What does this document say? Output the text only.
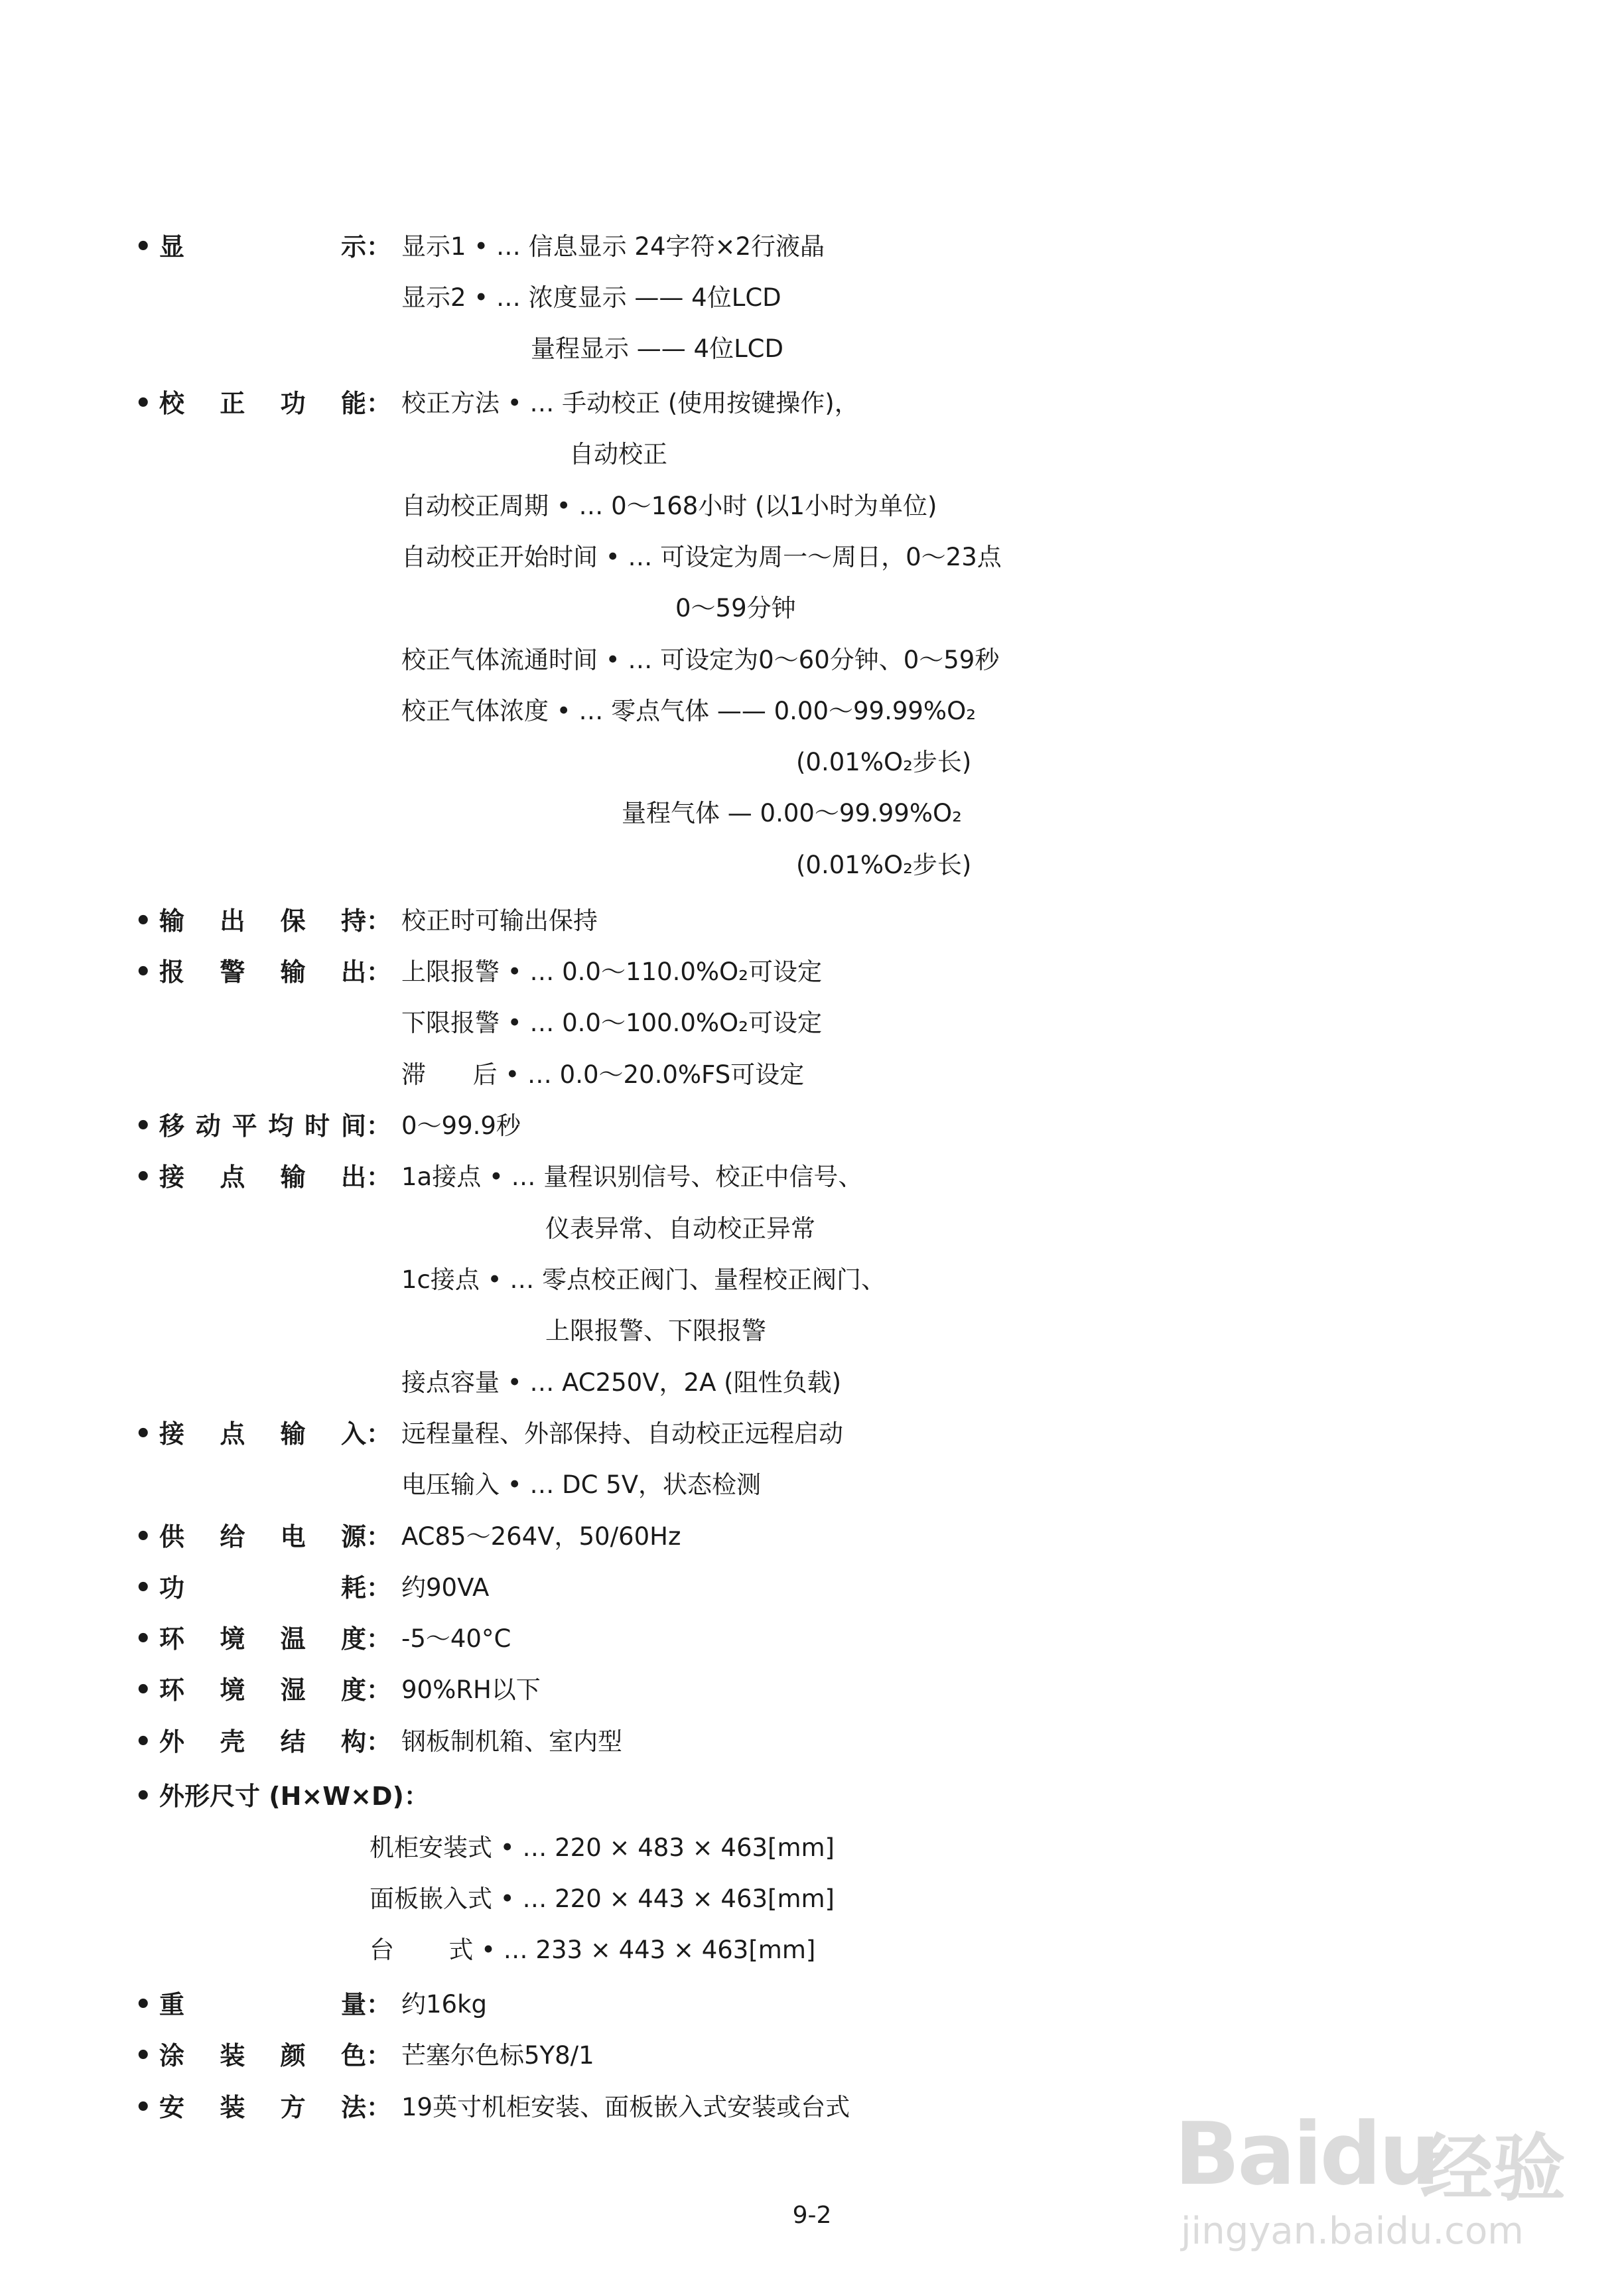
• 显	示： 显示1 • … 信息显示 24字符×2行液晶
显示2 • … 浓度显示 —— 4位LCD
量程显示 —— 4位LCD
• 校 正 功 能： 校正方法 • … 手动校正 (使用按键操作)，
自动校正
自动校正周期 • … 0～168小时 (以1小时为单位)
自动校正开始时间 • … 可设定为周一～周日，0～23点
0～59分钟
校正气体流通时间 • … 可设定为0～60分钟、0～59秒
校正气体浓度 • … 零点气体 —— 0.00～99.99%O₂
(0.01%O₂步长)
量程气体 — 0.00～99.99%O₂
(0.01%O₂步长)
• 输 出 保 持： 校正时可输出保持
• 报 警 输 出： 上限报警 • … 0.0～110.0%O₂可设定
下限报警 • … 0.0～100.0%O₂可设定
滞      后 • … 0.0～20.0%FS可设定
• 移 动 平 均 时 间： 0～99.9秒
• 接 点 输 出： 1a接点 • … 量程识别信号、校正中信号、
仪表异常、自动校正异常
1c接点 • … 零点校正阀门、量程校正阀门、
上限报警、下限报警
接点容量 • … AC250V，2A (阻性负载)
• 接 点 输 入： 远程量程、外部保持、自动校正远程启动
电压输入 • … DC 5V，状态检测
• 供 给 电 源： AC85～264V，50/60Hz
• 功	耗： 约90VA
• 环 境 温 度： -5～40°C
• 环 境 湿 度： 90%RH以下
• 外 壳 结 构： 钢板制机箱、室内型
• 外形尺寸 (H×W×D)：
机柜安装式 • … 220 × 483 × 463[mm]
面板嵌入式 • … 220 × 443 × 463[mm]
台       式 • … 233 × 443 × 463[mm]
• 重	量： 约16kg
• 涂 装 颜 色： 芒塞尔色标5Y8/1
• 安 装 方 法： 19英寸机柜安装、面板嵌入式安装或台式
9-2
Baidu
经验
jingyan.baidu.com
